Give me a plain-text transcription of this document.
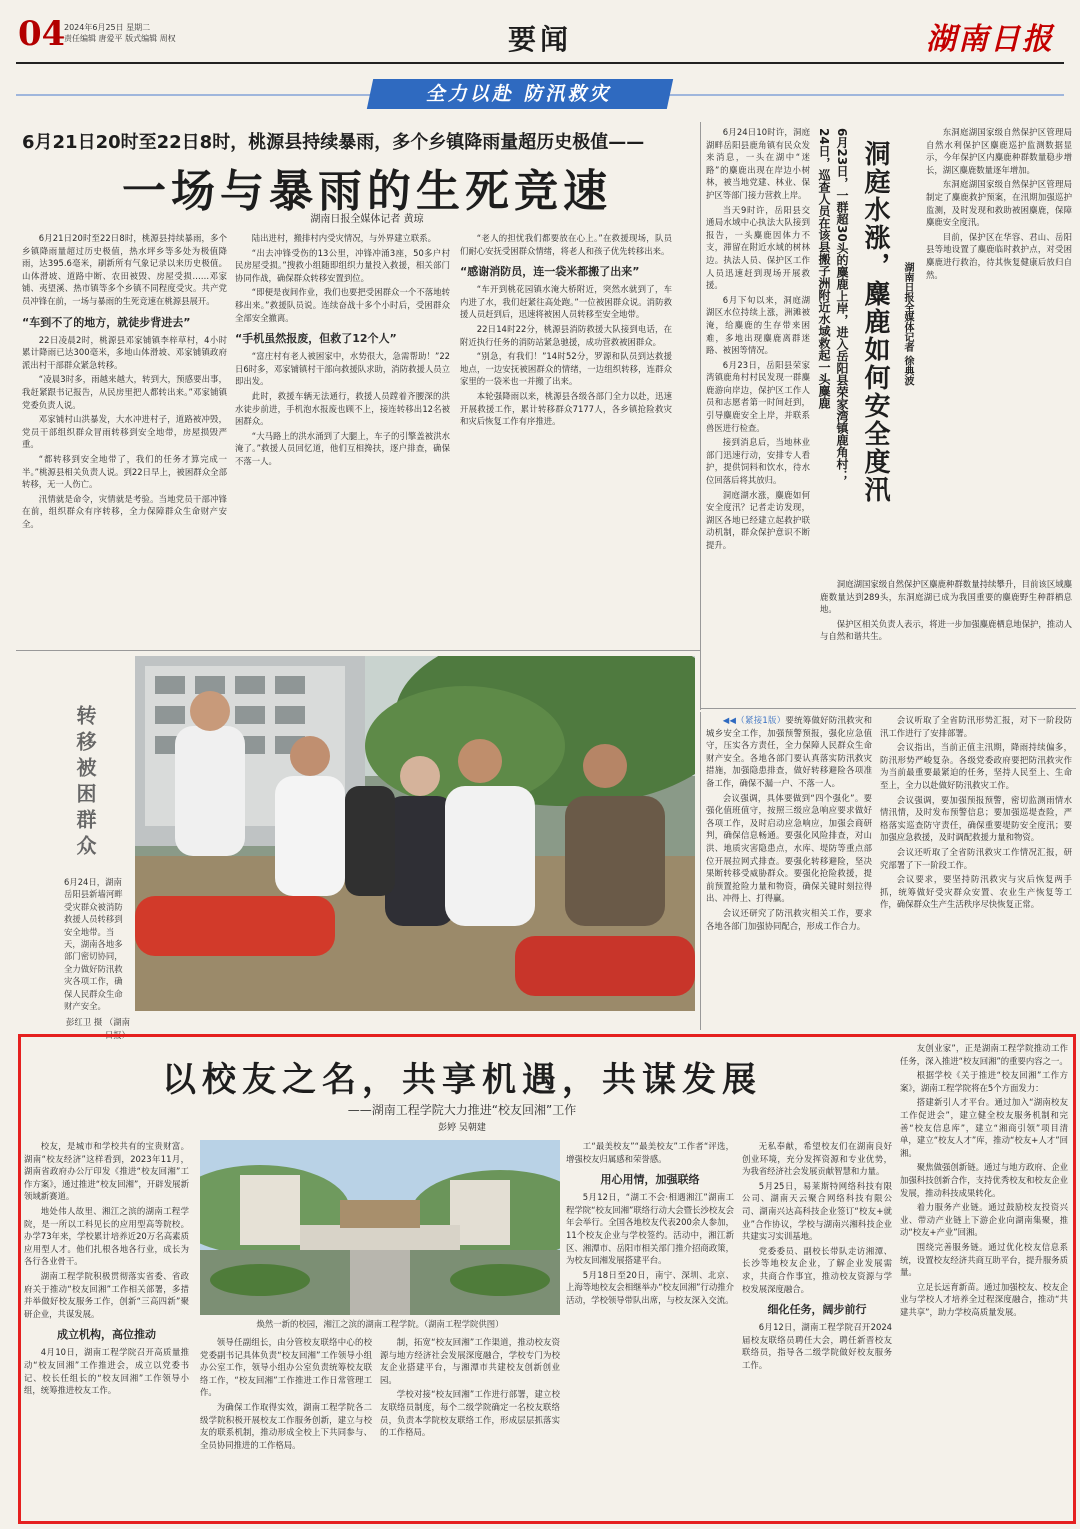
04
2024年6月25日 星期二
责任编辑 唐爱平 版式编辑 周权	要闻	湖南日报
全力以赴 防汛救灾
6月21日20时至22日8时，桃源县持续暴雨，多个乡镇降雨量超历史极值——
一场与暴雨的生死竞速
湖南日报全媒体记者 黄琼

6月21日20时至22日8时，桃源县持续暴雨，多个乡镇降雨量超过历史极值，热水坪乡等多处为极值降雨，达395.6毫米，刷新所有气象记录以来历史极值。山体滑坡、道路中断、农田被毁、房屋受损……邓家铺、夷望溪、热市镇等多个乡镇不同程度受灾。共产党员冲锋在前，一场与暴雨的生死竞速在桃源县展开。

“车到不了的地方，就徒步背进去”

22日凌晨2时，桃源县邓家铺镇李梓草村，4小时累计降雨已达300毫米，多地山体滑坡、邓家铺镇政府派出村干部群众紧急转移。

“凌晨3时多，雨越来越大，转到大，预感要出事，我赶紧跟书记报告，从民房里把人都转出来。”邓家铺镇党委负责人说。

邓家铺村山洪暴发，大水冲进村子，道路被冲毁，党员干部组织群众冒雨转移到安全地带，房屋损毁严重。

“都转移到安全地带了，我们的任务才算完成一半。”桃源县相关负责人说。到22日早上，被困群众全部转移，无一人伤亡。

汛情就是命令，灾情就是考验。当地党员干部冲锋在前，组织群众有序转移，全力保障群众生命财产安全。

陆出进村，搬排村内受灾情况，与外界建立联系。

“出去冲锋受伤的13公里，冲锋冲涌3座，50多户村民房屋受损。”搜救小组随即组织力量投入救援，相关部门协同作战，确保群众转移安置到位。

“即便是夜间作业，我们也要把受困群众一个不落地转移出来。”救援队员说。连续奋战十多个小时后，受困群众全部安全撤离。

“手机虽然报废，但救了12个人”

“富庄村有老人被困家中，水势很大，急需帮助！”22日6时多，邓家铺镇村干部向救援队求助，消防救援人员立即出发。

此时，救援车辆无法通行，救援人员蹚着齐腰深的洪水徒步前进，手机泡水报废也顾不上，接连转移出12名被困群众。

“大马路上的洪水涌到了大腿上，车子的引擎盖被洪水淹了。”救援人员回忆道，他们互相搀扶，逐户排查，确保不落一人。

“老人的担忧我们都要放在心上。”在救援现场，队员们耐心安抚受困群众情绪，将老人和孩子优先转移出来。

“感谢消防员，连一袋米都搬了出来”

“车开到桃花园镇水淹大桥附近，突然水就到了，车内进了水，我们赶紧往高处跑。”一位被困群众说。消防救援人员赶到后，迅速将被困人员转移至安全地带。

22日14时22分，桃源县消防救援大队接到电话，在附近执行任务的消防站紧急驰援，成功营救被困群众。

“别急，有我们！”14时52分，罗源和队员到达救援地点，一边安抚被困群众的情绪，一边组织转移，连群众家里的一袋米也一并搬了出来。

本轮强降雨以来，桃源县各级各部门全力以赴，迅速开展救援工作，累计转移群众7177人，各乡镇抢险救灾和灾后恢复工作有序推进。

6月24日10时许，洞庭湖畔岳阳县鹿角镇有民众发来消息，一头在湖中“迷路”的麋鹿出现在岸边小树林，被当地党建、林业、保护区等部门接力营救上岸。

当天9时许，岳阳县交通局水域中心执法大队接到报告，一头麋鹿因体力不支，滞留在附近水域的树林边。执法人员、保护区工作人员迅速赶到现场开展救援。

6月下旬以来，洞庭湖湖区水位持续上涨，洲滩被淹，给麋鹿的生存带来困难，多地出现麋鹿离群迷路、被困等情况。

6月23日，岳阳县荣家湾镇鹿角村村民发现一群麋鹿游向岸边，保护区工作人员和志愿者第一时间赶到，引导麋鹿安全上岸，并联系兽医进行检查。

接到消息后，当地林业部门迅速行动，安排专人看护，提供饲料和饮水，待水位回落后将其放归。

洞庭湖水涨，麋鹿如何安全度汛？记者走访发现，湖区各地已经建立起救护联动机制，群众保护意识不断提升。

24日，巡查人员在该县搬子洲附近水域救起一头麋鹿 6月23日，一群超30头的麋鹿上岸，进入岳阳县荣家湾镇鹿角村； 洞庭水涨，麋鹿如何安全度汛 湖南日报全媒体记者 徐典波

东洞庭湖国家级自然保护区管理局自然水利保护区麋鹿巡护监测数据显示，今年保护区内麋鹿种群数量稳步增长，湖区麋鹿数量逐年增加。

东洞庭湖国家级自然保护区管理局制定了麋鹿救护预案，在汛期加强巡护监测，及时发现和救助被困麋鹿，保障麋鹿安全度汛。

目前，保护区在华容、君山、岳阳县等地设置了麋鹿临时救护点，对受困麋鹿进行救治，待其恢复健康后放归自然。

洞庭湖国家级自然保护区麋鹿种群数量持续攀升，目前该区域麋鹿数量达到289头，东洞庭湖已成为我国重要的麋鹿野生种群栖息地。

保护区相关负责人表示，将进一步加强麋鹿栖息地保护，推动人与自然和谐共生。

转移被困群众
6月24日，湖南岳阳县新墙河畔受灾群众被消防救援人员转移到安全地带。当天，湖南各地多部门密切协同，全力做好防汛救灾各项工作，确保人民群众生命财产安全。
彭红卫 摄 （湖南日报）

◀◀（紧接1版）要统筹做好防汛救灾和城乡安全工作，加强预警预报，强化应急值守，压实各方责任，全力保障人民群众生命财产安全。各地各部门要认真落实防汛救灾措施，加强隐患排查，做好转移避险各项准备工作，确保不漏一户、不落一人。

会议强调，具体要做到“四个强化”。要强化值班值守，按照三级应急响应要求做好各项工作，及时启动应急响应，加强会商研判，确保信息畅通。要强化风险排查，对山洪、地质灾害隐患点，水库、堤防等重点部位开展拉网式排查。要强化转移避险，坚决果断转移受威胁群众。要强化抢险救援，提前预置抢险力量和物资，确保关键时刻拉得出、冲得上、打得赢。

会议还研究了防汛救灾相关工作，要求各地各部门加强协同配合，形成工作合力。

会议听取了全省防汛形势汇报，对下一阶段防汛工作进行了安排部署。

会议指出，当前正值主汛期，降雨持续偏多，防汛形势严峻复杂。各级党委政府要把防汛救灾作为当前最重要最紧迫的任务，坚持人民至上、生命至上，全力以赴做好防汛救灾工作。

会议强调，要加强预报预警，密切监测雨情水情汛情，及时发布预警信息；要加强巡堤查险，严格落实巡查防守责任，确保重要堤防安全度汛；要加强应急救援，及时调配救援力量和物资。

会议还听取了全省防汛救灾工作情况汇报，研究部署了下一阶段工作。

会议要求，要坚持防汛救灾与灾后恢复两手抓，统筹做好受灾群众安置、农业生产恢复等工作，确保群众生产生活秩序尽快恢复正常。

以校友之名，共享机遇，共谋发展
——湖南工程学院大力推进“校友回湘”工作
彭婷 吴朝建

校友，是城市和学校共有的宝贵财富。湖南“校友经济”这样看到，2023年11月，湖南省政府办公厅印发《推进“校友回湘”工作方案》，通过推进“校友回湘”，开辟发展新领域新赛道。

地处伟人故里、湘江之滨的湖南工程学院，是一所以工科见长的应用型高等院校。办学73年来，学校累计培养近20万名高素质应用型人才。他们扎根各地各行业，成长为各行各业骨干。

湖南工程学院积极贯彻落实省委、省政府关于推动“校友回湘”工作相关部署，多措并举做好校友服务工作，创新“三高四新”聚研企业，共谋发展。

成立机构，高位推动

4月10日，湖南工程学院召开高质量推动“校友回湘”工作推进会，成立以党委书记、校长任组长的“校友回湘”工作领导小组，统筹推进校友工作。

焕然一新的校园，湘江之滨的湖南工程学院。（湖南工程学院供图）

领导任副组长，由分管校友联络中心的校党委副书记具体负责“校友回湘”工作领导小组办公室工作，领导小组办公室负责统筹校友联络工作，“校友回湘”工作推进工作日常管理工作。

为确保工作取得实效，湖南工程学院各二级学院积极开展校友工作服务创新，建立与校友的联系机制，推动形成全校上下共同参与、全员协同推进的工作格局。

制，拓宽“校友回湘”工作渠道，推动校友资源与地方经济社会发展深度融合，学校专门为校友企业搭建平台，与湘潭市共建校友创新创业园。

学校对接“校友回湘”工作进行部署，建立校友联络员制度，每个二级学院确定一名校友联络员，负责本学院校友联络工作，形成层层抓落实的工作格局。

工“最美校友”“最美校友”工作者“评选，增强校友归属感和荣誉感。

用心用情，加强联络

5月12日，“湖工不会·相遇湘江”湖南工程学院“校友回湘”联络行动大会暨长沙校友会年会举行。全国各地校友代表200余人参加，11个校友企业与学校签约。活动中，湘江新区、湘潭市、岳阳市相关部门推介招商政策，为校友回湘发展搭建平台。

5月18日至20日，南宁、深圳、北京、上海等地校友会相继举办“校友回湘”行动推介活动，学校领导带队出席，与校友深入交流。

无私奉献，希望校友们在湖南良好创业环境，充分发挥资源和专业优势，为我省经济社会发展贡献智慧和力量。

5月25日，易莱斯特网络科技有限公司、湖南天云聚合网络科技有限公司、湖南兴达高科技企业签订“校友+就业”合作协议，学校与湖南兴湘科技企业共建实习实训基地。

党委委员、副校长带队走访湘潭、长沙等地校友企业，了解企业发展需求，共商合作事宜，推动校友资源与学校发展深度融合。

细化任务，阔步前行

6月12日，湖南工程学院召开2024届校友联络员聘任大会，聘任新晋校友联络员，指导各二级学院做好校友服务工作。

友创业家”，正是湖南工程学院推动工作任务，深入推进“校友回湘”的重要内容之一。

根据学校《关于推进“校友回湘”工作方案》，湖南工程学院将在5个方面发力：

搭建新引人才平台。通过加入“湖南校友工作促进会”，建立健全校友服务机制和完善“校友信息库”，建立“湘商引领”项目清单，建立“校友人才”库，推动“校友+人才”回湘。

聚焦做强创新链。通过与地方政府、企业加强科技创新合作，支持优秀校友和校友企业发展，推动科技成果转化。

着力服务产业链。通过鼓励校友投资兴业、带动产业链上下游企业向湖南集聚，推动“校友+产业”回湘。

围绕完善服务链。通过优化校友信息系统，设置校友经济共商互助平台，提升服务质量。

立足长远育新苗。通过加强校友、校友企业与学校人才培养全过程深度融合，推动“共建共享”，助力学校高质量发展。
